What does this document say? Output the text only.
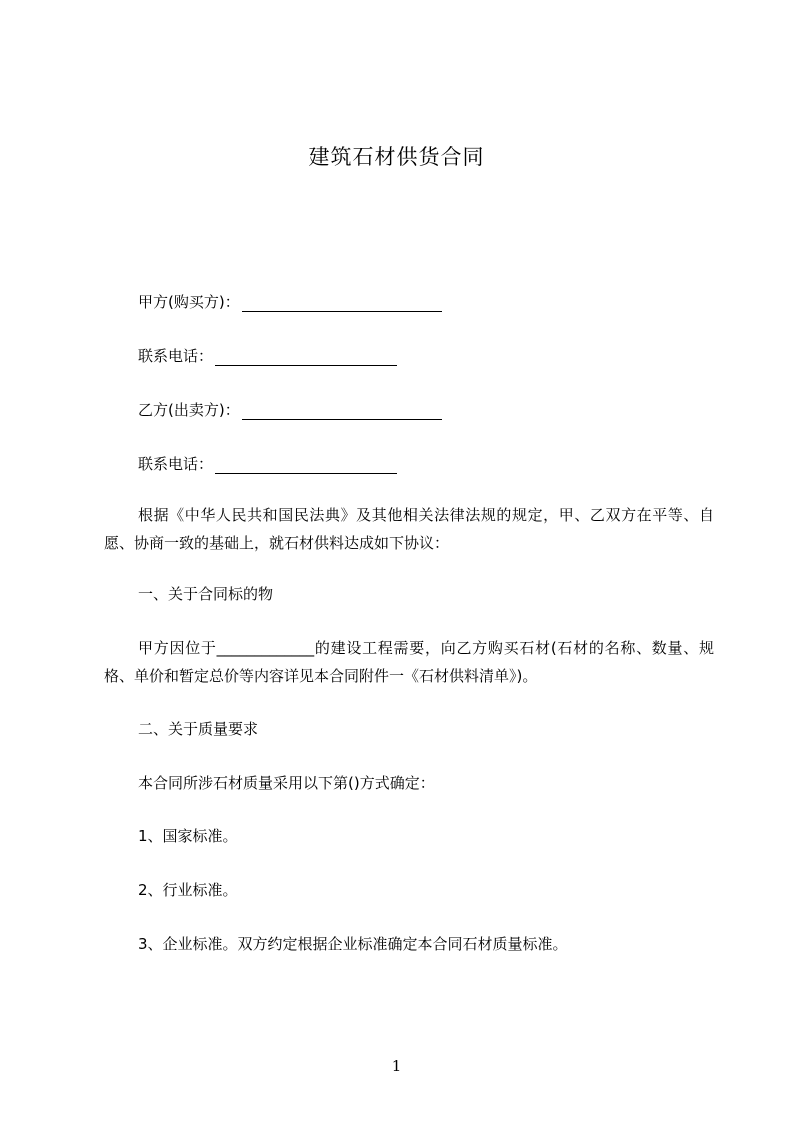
建筑石材供货合同
甲方(购买方)：
联系电话：
乙方(出卖方)：
联系电话：
根据《中华人民共和国民法典》及其他相关法律法规的规定，甲、乙双方在平等、自愿、协商一致的基础上，就石材供料达成如下协议：
一、关于合同标的物
甲方因位于_____________的建设工程需要，向乙方购买石材(石材的名称、数量、规格、单价和暂定总价等内容详见本合同附件一《石材供料清单》)。
二、关于质量要求
本合同所涉石材质量采用以下第()方式确定：
1、国家标准。
2、行业标准。
3、企业标准。双方约定根据企业标准确定本合同石材质量标准。
1
